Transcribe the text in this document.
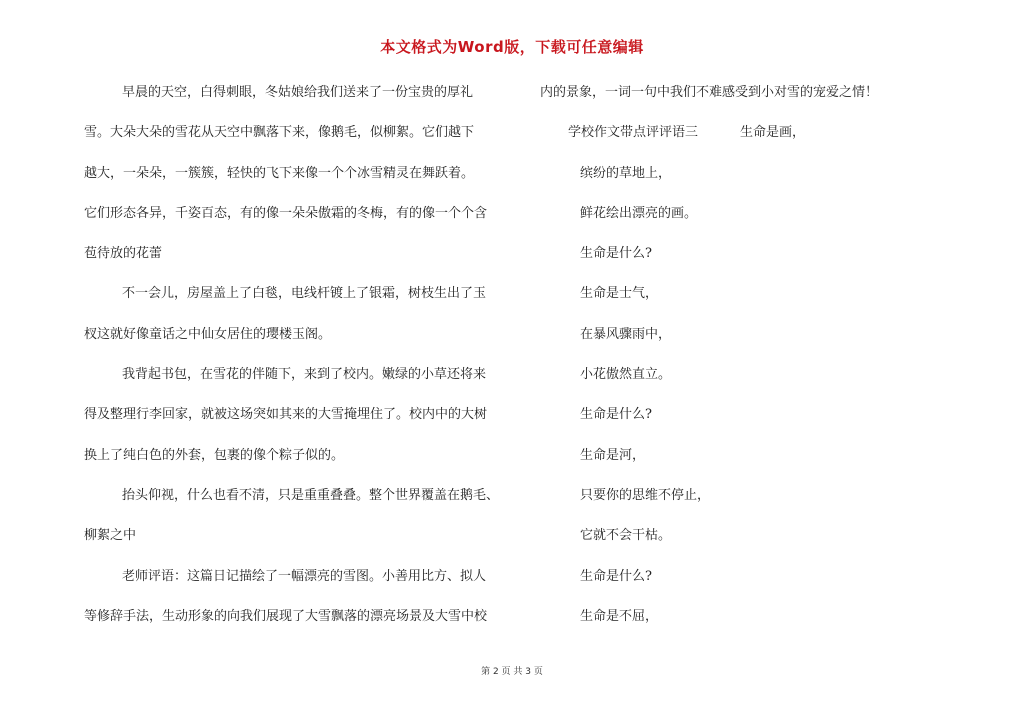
本文格式为Word版，下载可任意编辑
早晨的天空，白得刺眼，冬姑娘给我们送来了一份宝贵的厚礼
雪。大朵大朵的雪花从天空中飘落下来，像鹅毛，似柳絮。它们越下
越大，一朵朵，一簇簇，轻快的飞下来像一个个冰雪精灵在舞跃着。
它们形态各异，千姿百态，有的像一朵朵傲霜的冬梅，有的像一个个含
苞待放的花蕾
不一会儿，房屋盖上了白毯，电线杆镀上了银霜，树枝生出了玉
杈这就好像童话之中仙女居住的璎楼玉阁。
我背起书包，在雪花的伴随下，来到了校内。嫩绿的小草还将来
得及整理行李回家，就被这场突如其来的大雪掩埋住了。校内中的大树
换上了纯白色的外套，包裹的像个粽子似的。
抬头仰视，什么也看不清，只是重重叠叠。整个世界覆盖在鹅毛、
柳絮之中
老师评语：这篇日记描绘了一幅漂亮的雪图。小善用比方、拟人
等修辞手法，生动形象的向我们展现了大雪飘落的漂亮场景及大雪中校
内的景象，一词一句中我们不难感受到小对雪的宠爱之情！
学校作文带点评评语三	生命是画，
缤纷的草地上，
鲜花绘出漂亮的画。
生命是什么?
生命是士气，
在暴风骤雨中，
小花傲然直立。
生命是什么?
生命是河，
只要你的思维不停止，
它就不会干枯。
生命是什么?
生命是不屈，
第 2 页 共 3 页
